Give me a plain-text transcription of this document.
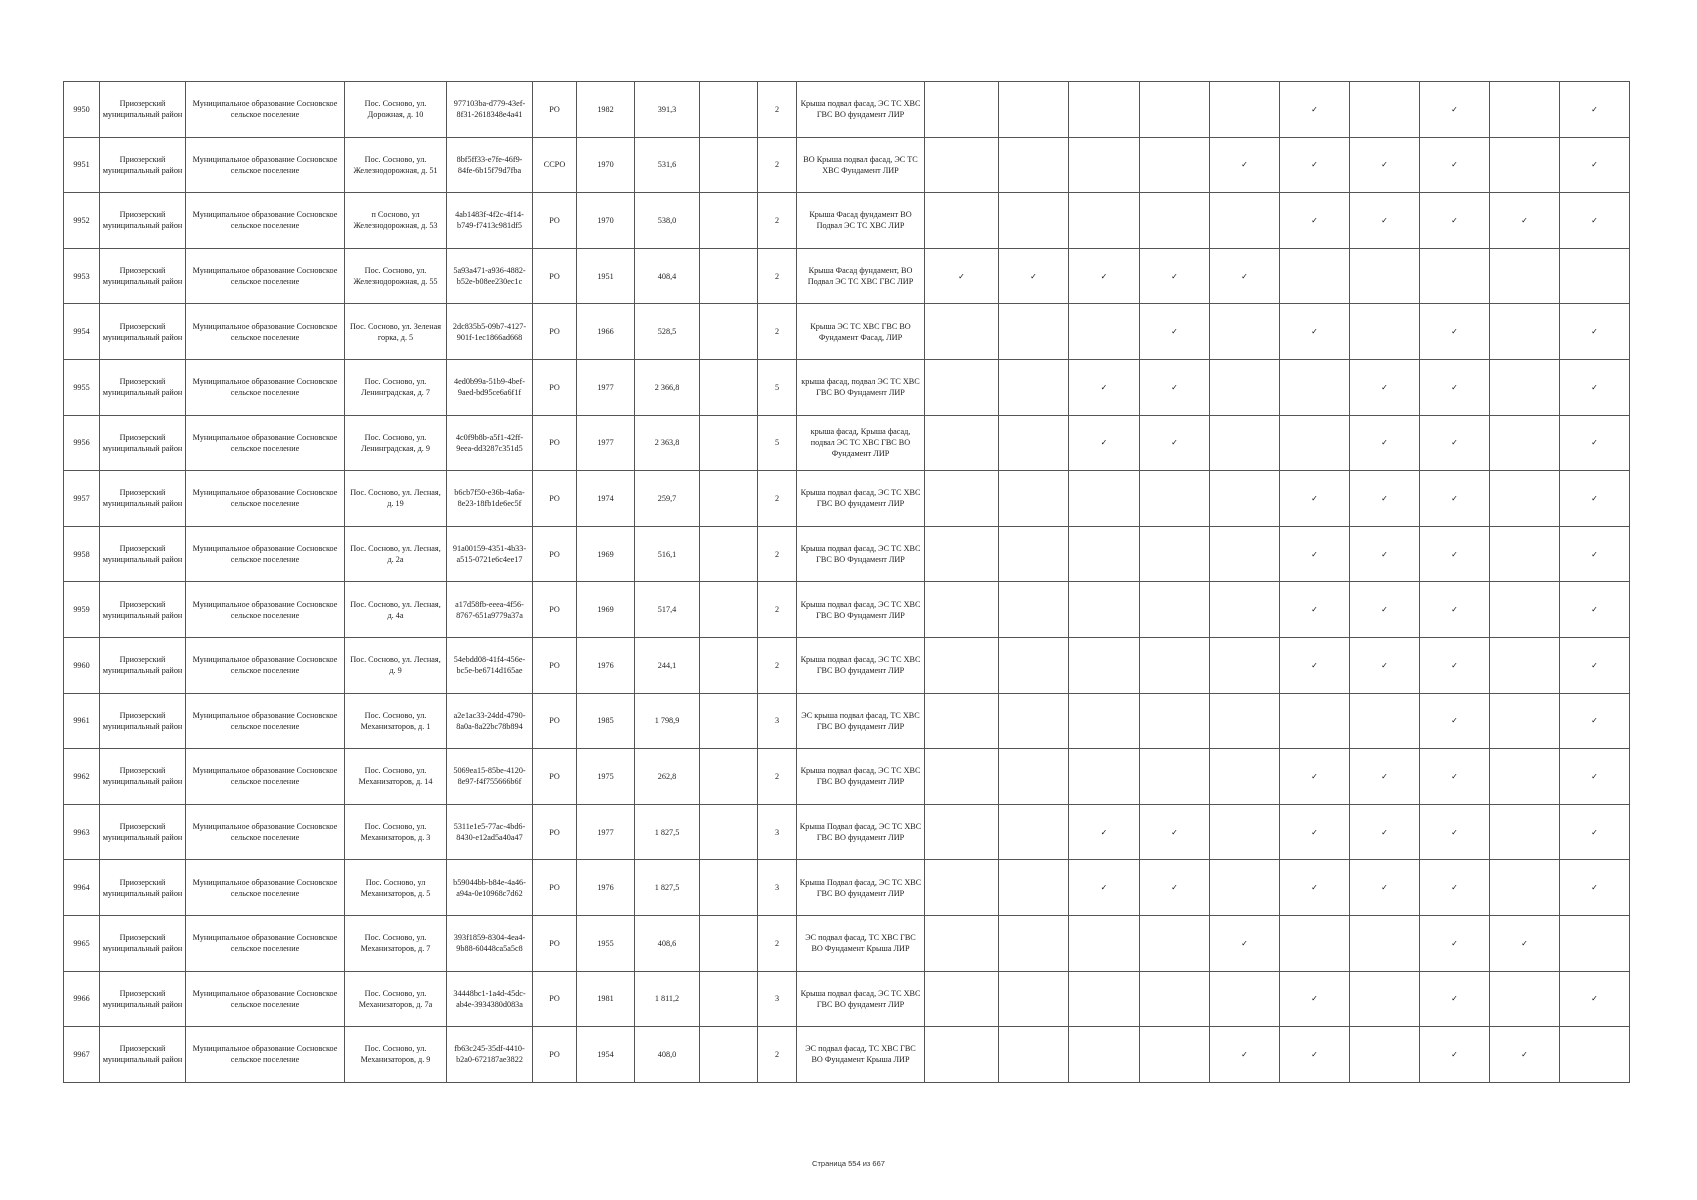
9950	Приозерский муниципальный район	Муниципальное образование Сосновское сельское поселение	Пос. Сосново, ул. Дорожная, д. 10	977103ba-d779-43ef-8f31-2618348e4a41	РО	1982	391,3		2	Крыша подвал фасад, ЭС ТС ХВС ГВС ВО фундамент ЛИР						✓		✓		✓
9951	Приозерский муниципальный район	Муниципальное образование Сосновское сельское поселение	Пос. Сосново, ул. Железнодорожная, д. 51	8bf5ff33-e7fe-46f9-84fe-6b15f79d7fba	СCРО	1970	531,6		2	ВО Крыша подвал фасад, ЭС ТС ХВС Фундамент ЛИР					✓	✓	✓	✓		✓
9952	Приозерский муниципальный район	Муниципальное образование Сосновское сельское поселение	п Сосново, ул Железнодорожная, д. 53	4ab1483f-4f2c-4f14-b749-f7413c981df5	РО	1970	538,0		2	Крыша Фасад фундамент ВО Подвал ЭС ТС ХВС ЛИР						✓	✓	✓	✓	✓
9953	Приозерский муниципальный район	Муниципальное образование Сосновское сельское поселение	Пос. Сосново, ул. Железнодорожная, д. 55	5a93a471-a936-4882-b52e-b08ee230ec1c	РО	1951	408,4		2	Крыша Фасад фундамент, ВО Подвал ЭС ТС ХВС ГВС ЛИР	✓	✓	✓	✓	✓					
9954	Приозерский муниципальный район	Муниципальное образование Сосновское сельское поселение	Пос. Сосново, ул. Зеленая горка, д. 5	2dc835b5-09b7-4127-901f-1ec1866ad668	РО	1966	528,5		2	Крыша ЭС ТС ХВС ГВС ВО Фундамент Фасад, ЛИР				✓		✓		✓		✓
9955	Приозерский муниципальный район	Муниципальное образование Сосновское сельское поселение	Пос. Сосново, ул. Ленинградская, д. 7	4ed0b99a-51b9-4bef-9aed-bd95ce6a6f1f	РО	1977	2 366,8		5	крыша фасад, подвал ЭС ТС ХВС ГВС ВО Фундамент ЛИР			✓	✓			✓	✓		✓
9956	Приозерский муниципальный район	Муниципальное образование Сосновское сельское поселение	Пос. Сосново, ул. Ленинградская, д. 9	4c0f9b8b-a5f1-42ff-9eea-dd3287c351d5	РО	1977	2 363,8		5	крыша фасад, Крыша фасад, подвал ЭС ТС ХВС ГВС ВО Фундамент ЛИР			✓	✓			✓	✓		✓
9957	Приозерский муниципальный район	Муниципальное образование Сосновское сельское поселение	Пос. Сосново, ул. Лесная, д. 19	b6cb7f50-e36b-4a6a-8e23-18fb1de6ec5f	РО	1974	259,7		2	Крыша подвал фасад, ЭС ТС ХВС ГВС ВО фундамент ЛИР						✓	✓	✓		✓
9958	Приозерский муниципальный район	Муниципальное образование Сосновское сельское поселение	Пос. Сосново, ул. Лесная, д. 2а	91a00159-4351-4b33-a515-0721e6c4ee17	РО	1969	516,1		2	Крыша подвал фасад, ЭС ТС ХВС ГВС ВО Фундамент ЛИР						✓	✓	✓		✓
9959	Приозерский муниципальный район	Муниципальное образование Сосновское сельское поселение	Пос. Сосново, ул. Лесная, д. 4а	a17d58fb-eeea-4f56-8767-651a9779a37a	РО	1969	517,4		2	Крыша подвал фасад, ЭС ТС ХВС ГВС ВО Фундамент ЛИР						✓	✓	✓		✓
9960	Приозерский муниципальный район	Муниципальное образование Сосновское сельское поселение	Пос. Сосново, ул. Лесная, д. 9	54ebdd08-41f4-456e-bc5e-be6714d165ae	РО	1976	244,1		2	Крыша подвал фасад, ЭС ТС ХВС ГВС ВО фундамент ЛИР						✓	✓	✓		✓
9961	Приозерский муниципальный район	Муниципальное образование Сосновское сельское поселение	Пос. Сосново, ул. Механизаторов, д. 1	a2e1ac33-24dd-4790-8a0a-8a22bc78b894	РО	1985	1 798,9		3	ЭС крыша подвал фасад, ТС ХВС ГВС ВО фундамент ЛИР								✓		✓
9962	Приозерский муниципальный район	Муниципальное образование Сосновское сельское поселение	Пос. Сосново, ул. Механизаторов, д. 14	5069ea15-85be-4120-8e97-f4f755666b6f	РО	1975	262,8		2	Крыша подвал фасад, ЭС ТС ХВС ГВС ВО фундамент ЛИР						✓	✓	✓		✓
9963	Приозерский муниципальный район	Муниципальное образование Сосновское сельское поселение	Пос. Сосново, ул. Механизаторов, д. 3	5311e1e5-77ac-4bd6-8430-e12ad5a40a47	РО	1977	1 827,5		3	Крыша Подвал фасад, ЭС ТС ХВС ГВС ВО фундамент ЛИР			✓	✓		✓	✓	✓		✓
9964	Приозерский муниципальный район	Муниципальное образование Сосновское сельское поселение	Пос. Сосново, ул Механизаторов, д. 5	b59044bb-b84e-4a46-a94a-0e10968c7d62	РО	1976	1 827,5		3	Крыша Подвал фасад, ЭС ТС ХВС ГВС ВО фундамент ЛИР			✓	✓		✓	✓	✓		✓
9965	Приозерский муниципальный район	Муниципальное образование Сосновское сельское поселение	Пос. Сосново, ул. Механизаторов, д. 7	393f1859-8304-4ea4-9b88-60448ca5a5c8	РО	1955	408,6		2	ЭС подвал фасад, ТС ХВС ГВС ВО Фундамент Крыша ЛИР					✓			✓	✓	
9966	Приозерский муниципальный район	Муниципальное образование Сосновское сельское поселение	Пос. Сосново, ул. Механизаторов, д. 7а	34448bc1-1a4d-45dc-ab4e-3934380d083a	РО	1981	1 811,2		3	Крыша подвал фасад, ЭС ТС ХВС ГВС ВО фундамент ЛИР						✓		✓		✓
9967	Приозерский муниципальный район	Муниципальное образование Сосновское сельское поселение	Пос. Сосново, ул. Механизаторов, д. 9	fb63c245-35df-4410-b2a0-672187ae3822	РО	1954	408,0		2	ЭС подвал фасад, ТС ХВС ГВС ВО Фундамент Крыша ЛИР					✓	✓		✓	✓	
Страница 554 из 667
